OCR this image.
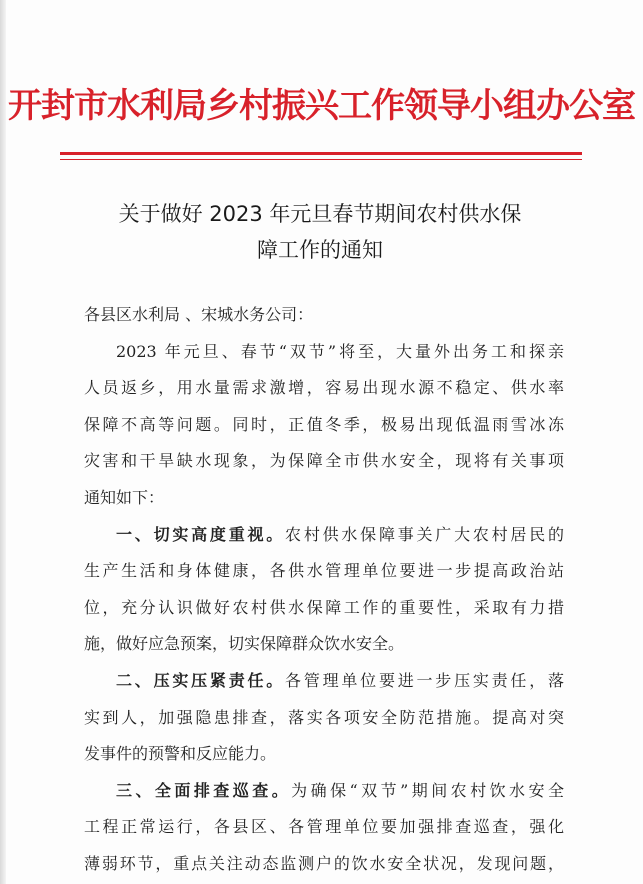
开封市水利局乡村振兴工作领导小组办公室
关于做好 2023 年元旦春节期间农村供水保
障工作的通知
各县区水利局 、宋城水务公司：
2023 年元旦、春节“双节”将至，大量外出务工和探亲
人员返乡，用水量需求激增，容易出现水源不稳定、供水率
保障不高等问题。同时，正值冬季，极易出现低温雨雪冰冻
灾害和干旱缺水现象，为保障全市供水安全，现将有关事项
通知如下：
一、切实高度重视。农村供水保障事关广大农村居民的
生产生活和身体健康，各供水管理单位要进一步提高政治站
位，充分认识做好农村供水保障工作的重要性，采取有力措
施，做好应急预案，切实保障群众饮水安全。
二、压实压紧责任。各管理单位要进一步压实责任，落
实到人，加强隐患排查，落实各项安全防范措施。提高对突
发事件的预警和反应能力。
三、全面排查巡查。为确保“双节”期间农村饮水安全
工程正常运行，各县区、各管理单位要加强排查巡查，强化
薄弱环节，重点关注动态监测户的饮水安全状况，发现问题，
